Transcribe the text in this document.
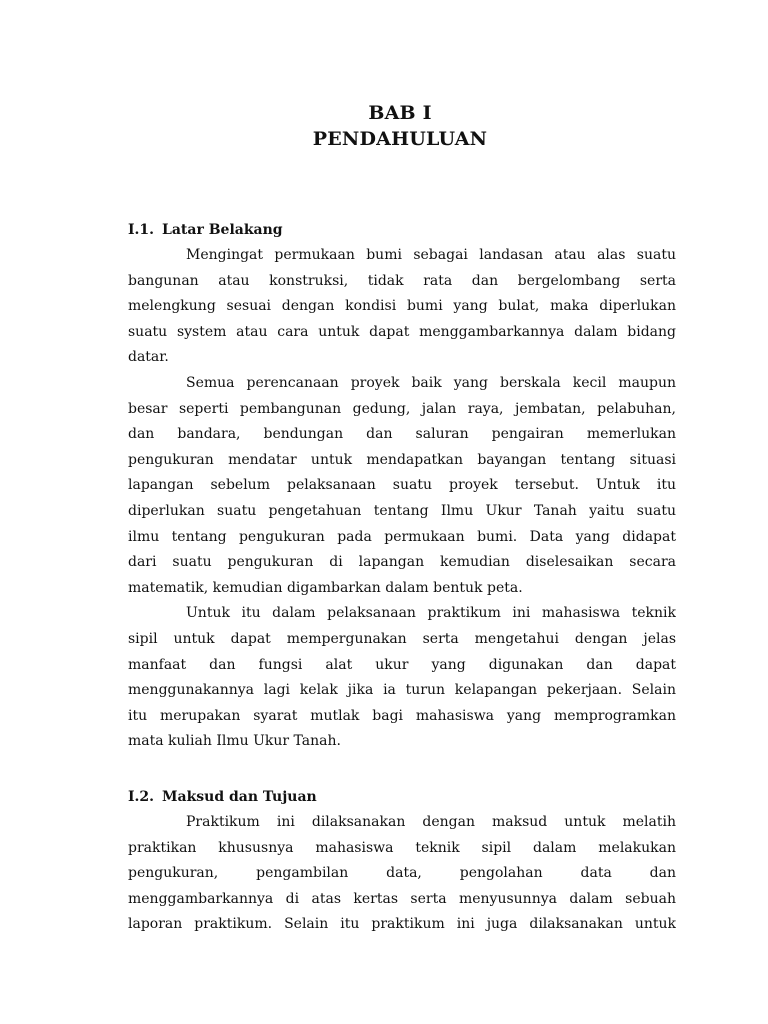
BAB I
PENDAHULUAN
I.1. Latar Belakang
Mengingat permukaan bumi sebagai landasan atau alas suatu
bangunan atau konstruksi, tidak rata dan bergelombang serta
melengkung sesuai dengan kondisi bumi yang bulat, maka diperlukan
suatu system atau cara untuk dapat menggambarkannya dalam bidang
datar.
Semua perencanaan proyek baik yang berskala kecil maupun
besar seperti pembangunan gedung, jalan raya, jembatan, pelabuhan,
dan bandara, bendungan dan saluran pengairan memerlukan
pengukuran mendatar untuk mendapatkan bayangan tentang situasi
lapangan sebelum pelaksanaan suatu proyek tersebut. Untuk itu
diperlukan suatu pengetahuan tentang Ilmu Ukur Tanah yaitu suatu
ilmu tentang pengukuran pada permukaan bumi. Data yang didapat
dari suatu pengukuran di lapangan kemudian diselesaikan secara
matematik, kemudian digambarkan dalam bentuk peta.
Untuk itu dalam pelaksanaan praktikum ini mahasiswa teknik
sipil untuk dapat mempergunakan serta mengetahui dengan jelas
manfaat dan fungsi alat ukur yang digunakan dan dapat
menggunakannya lagi kelak jika ia turun kelapangan pekerjaan. Selain
itu merupakan syarat mutlak bagi mahasiswa yang memprogramkan
mata kuliah Ilmu Ukur Tanah.
I.2. Maksud dan Tujuan
Praktikum ini dilaksanakan dengan maksud untuk melatih
praktikan khususnya mahasiswa teknik sipil dalam melakukan
pengukuran, pengambilan data, pengolahan data dan
menggambarkannya di atas kertas serta menyusunnya dalam sebuah
laporan praktikum. Selain itu praktikum ini juga dilaksanakan untuk
